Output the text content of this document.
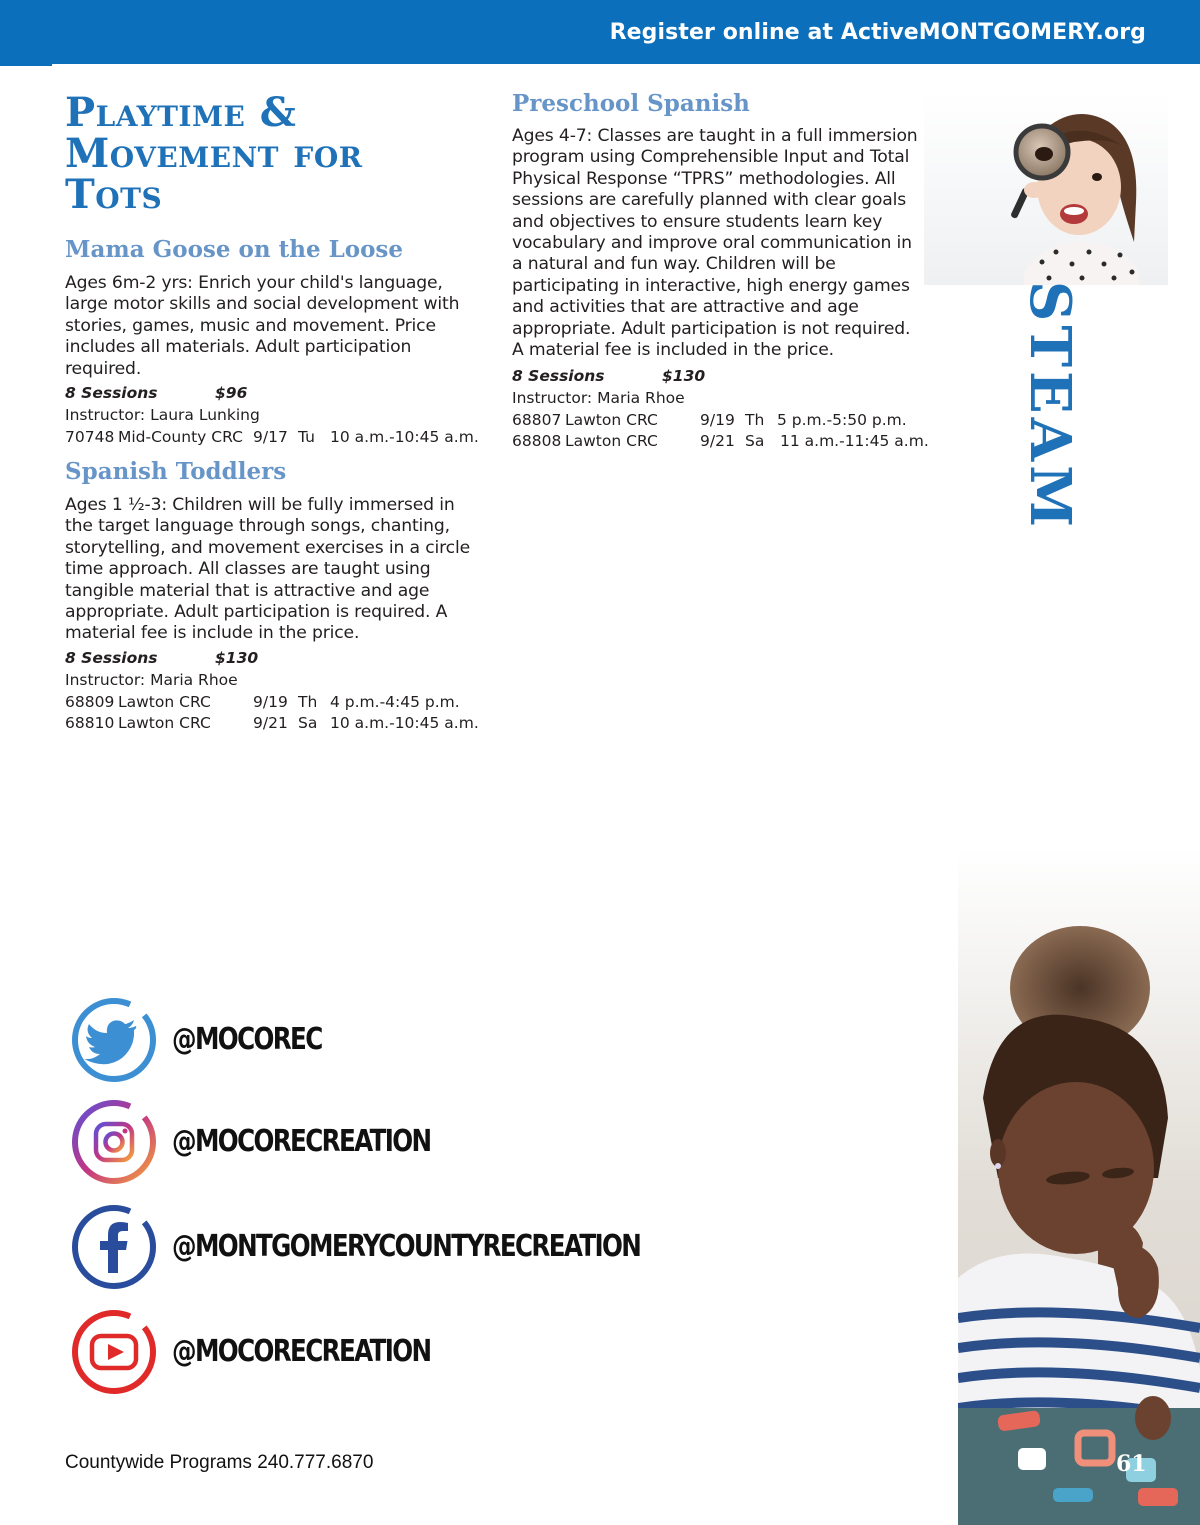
Register online at ActiveMONTGOMERY.org
Playtime &
Movement for
Tots
Mama Goose on the Loose
Ages 6m-2 yrs: Enrich your child's language, large motor skills and social development with stories, games, music and movement. Price includes all materials. Adult participation required.
8 Sessions	$96
Instructor: Laura Lunking
70748 Mid-County CRC 9/17 Tu 10 a.m.-10:45 a.m.
Spanish Toddlers
Ages 1 ½-3: Children will be fully immersed in the target language through songs, chanting, storytelling, and movement exercises in a circle time approach. All classes are taught using tangible material that is attractive and age appropriate. Adult participation is required. A material fee is include in the price.
8 Sessions	$130
Instructor: Maria Rhoe
68809 Lawton CRC	9/19 Th 4 p.m.-4:45 p.m.
68810 Lawton CRC	9/21 Sa 10 a.m.-10:45 a.m.
Preschool Spanish
Ages 4-7: Classes are taught in a full immersion program using Comprehensible Input and Total Physical Response “TPRS” methodologies. All sessions are carefully planned with clear goals and objectives to ensure students learn key vocabulary and improve oral communication in a natural and fun way. Children will be participating in interactive, high energy games and activities that are attractive and age appropriate. Adult participation is not required. A material fee is included in the price.
8 Sessions	$130
Instructor: Maria Rhoe
68807 Lawton CRC	9/19 Th 5 p.m.-5:50 p.m.
68808 Lawton CRC	9/21 Sa 11 a.m.-11:45 a.m. STEAM
@MOCOREC
@MOCORECREATION
@MONTGOMERYCOUNTYRECREATION
@MOCORECREATION
Countywide Programs 240.777.6870	61
